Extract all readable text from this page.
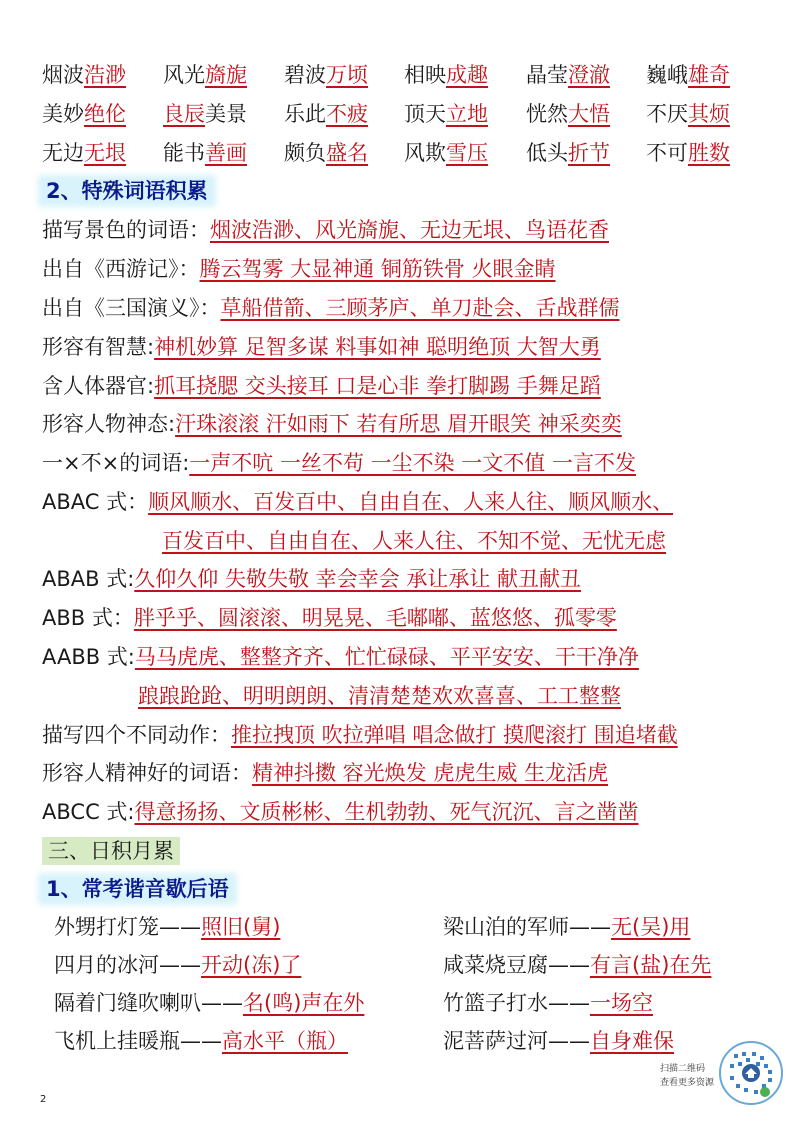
烟波浩渺 风光旖旎 碧波万顷 相映成趣 晶莹澄澈 巍峨雄奇
美妙绝伦 良辰美景 乐此不疲 顶天立地 恍然大悟 不厌其烦
无边无垠 能书善画 颇负盛名 风欺雪压 低头折节 不可胜数
2、特殊词语积累
描写景色的词语：烟波浩渺、风光旖旎、无边无垠、鸟语花香
出自《西游记》：腾云驾雾 大显神通 铜筋铁骨 火眼金睛
出自《三国演义》：草船借箭、三顾茅庐、单刀赴会、舌战群儒
形容有智慧:神机妙算 足智多谋 料事如神 聪明绝顶 大智大勇
含人体器官:抓耳挠腮 交头接耳 口是心非 拳打脚踢 手舞足蹈
形容人物神态:汗珠滚滚 汗如雨下 若有所思 眉开眼笑 神采奕奕
一×不×的词语:一声不吭 一丝不苟 一尘不染 一文不值 一言不发
ABAC 式：顺风顺水、百发百中、自由自在、人来人往、顺风顺水、
百发百中、自由自在、人来人往、不知不觉、无忧无虑
ABAB 式:久仰久仰 失敬失敬 幸会幸会 承让承让 献丑献丑
ABB 式：胖乎乎、圆滚滚、明晃晃、毛嘟嘟、蓝悠悠、孤零零
AABB 式:马马虎虎、整整齐齐、忙忙碌碌、平平安安、干干净净
踉踉跄跄、明明朗朗、清清楚楚欢欢喜喜、工工整整
描写四个不同动作：推拉拽顶 吹拉弹唱 唱念做打 摸爬滚打 围追堵截
形容人精神好的词语：精神抖擞 容光焕发 虎虎生威 生龙活虎
ABCC 式:得意扬扬、文质彬彬、生机勃勃、死气沉沉、言之凿凿
三、日积月累
1、常考谐音歇后语
外甥打灯笼——照旧(舅)	梁山泊的军师——无(吴)用
四月的冰河——开动(冻)了	咸菜烧豆腐——有言(盐)在先
隔着门缝吹喇叭——名(鸣)声在外	竹篮子打水——一场空
飞机上挂暖瓶——高水平（瓶）	泥菩萨过河——自身难保
扫描二维码
查看更多资源
2
